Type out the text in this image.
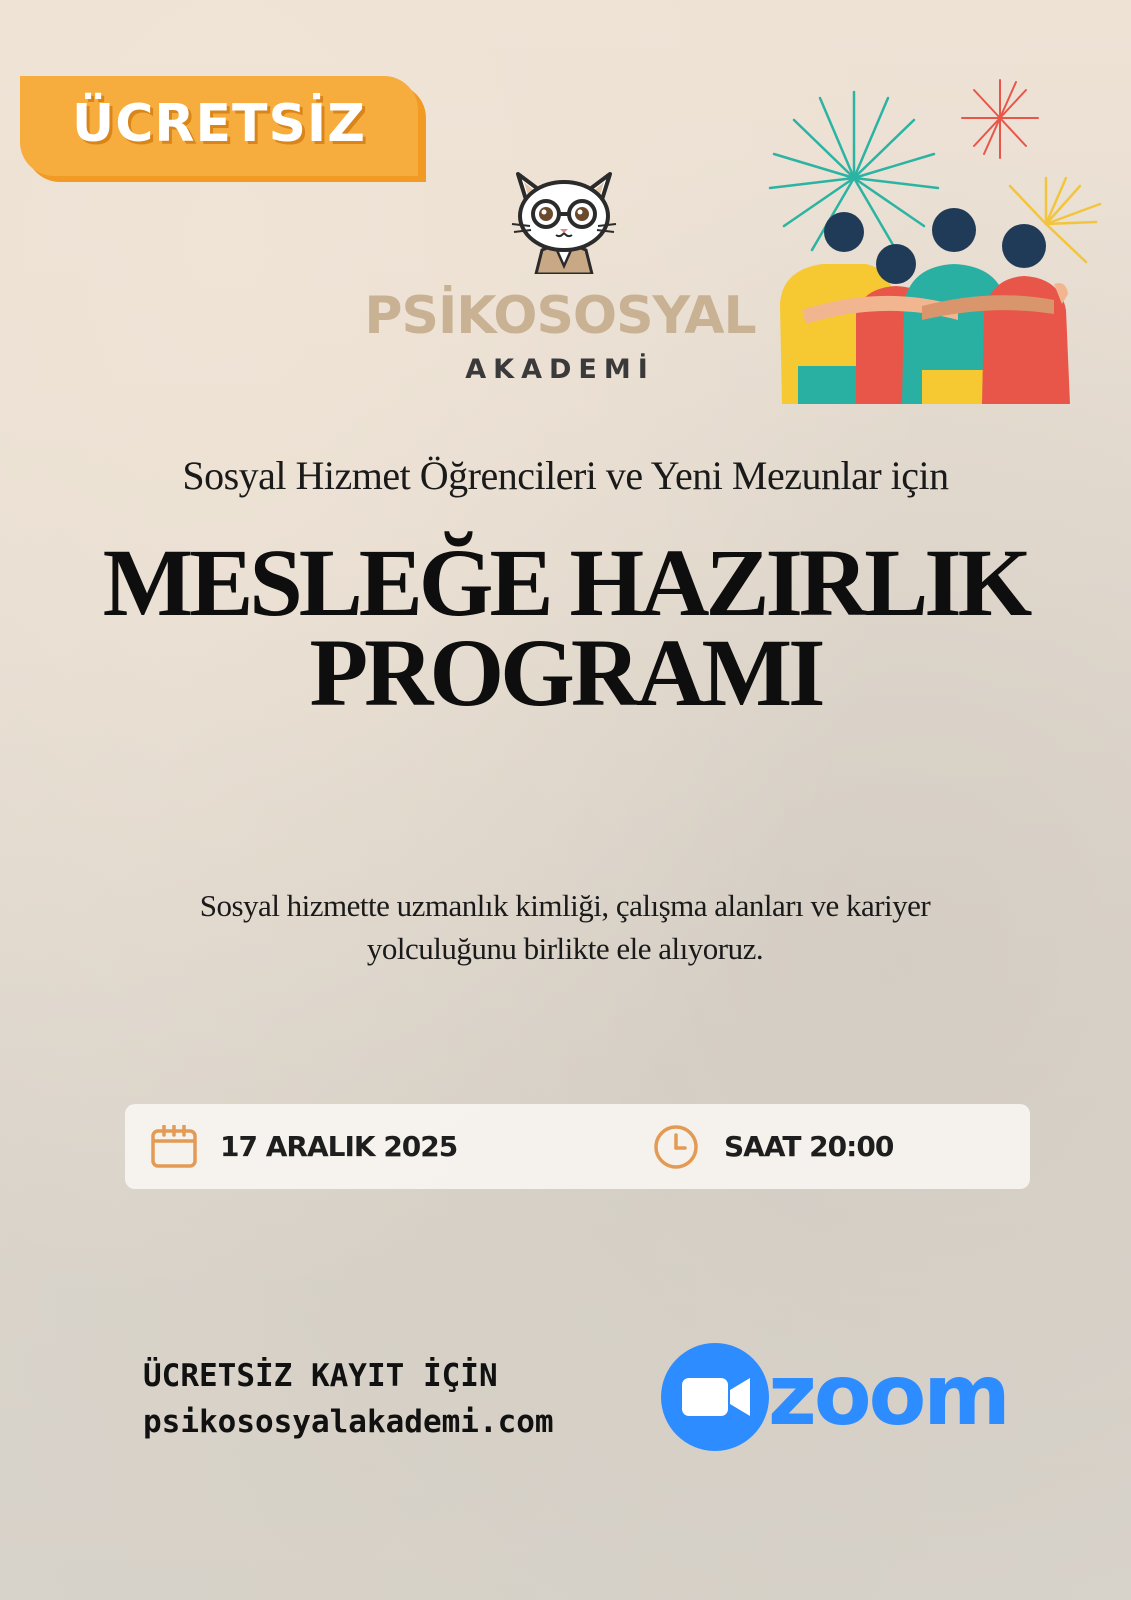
ÜCRETSİZ
PSİKOSOSYAL
AKADEMİ
Sosyal Hizmet Öğrencileri ve Yeni Mezunlar için
MESLEĞE HAZIRLIK
PROGRAMI
Sosyal hizmette uzmanlık kimliği, çalışma alanları ve kariyer
yolculuğunu birlikte ele alıyoruz.
17 ARALIK 2025	SAAT 20:00
ÜCRETSİZ KAYIT İÇİN
psikososyalakademi.com	zoom
